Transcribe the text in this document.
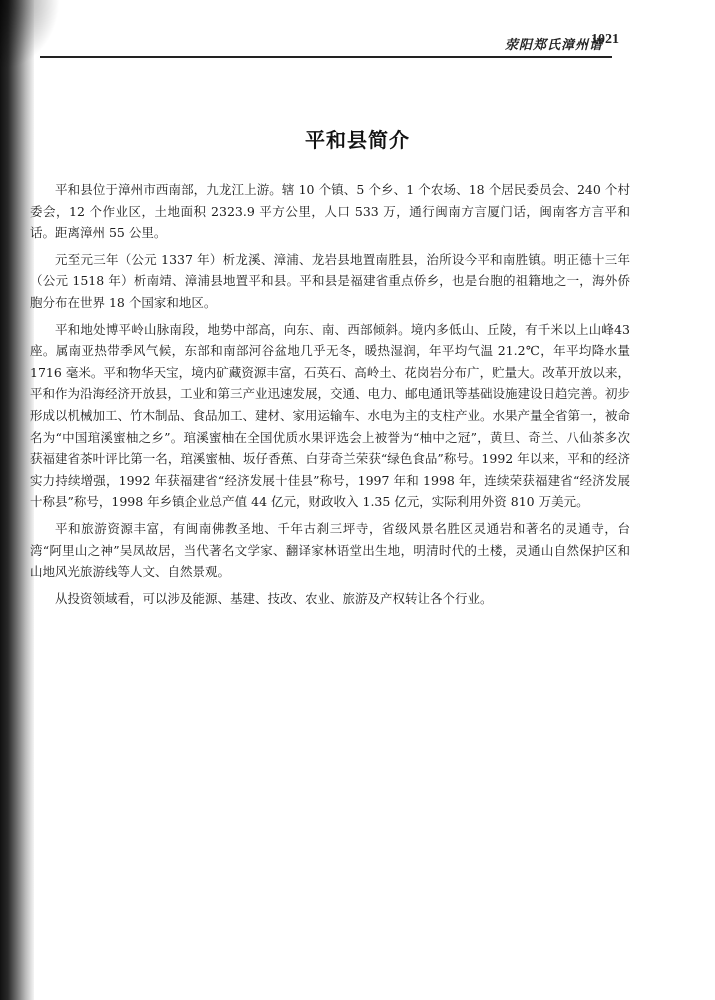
荥阳郑氏漳州谱
1021
平和县简介

平和县位于漳州市西南部，九龙江上游。辖 10 个镇、5 个乡、1 个农场、18 个居民委员会、240 个村委会，12 个作业区，土地面积 2323.9 平方公里，人口 533 万，通行闽南方言厦门话，闽南客方言平和话。距离漳州 55 公里。

元至元三年（公元 1337 年）析龙溪、漳浦、龙岩县地置南胜县，治所设今平和南胜镇。明正德十三年（公元 1518 年）析南靖、漳浦县地置平和县。平和县是福建省重点侨乡，也是台胞的祖籍地之一，海外侨胞分布在世界 18 个国家和地区。

平和地处博平岭山脉南段，地势中部高，向东、南、西部倾斜。境内多低山、丘陵，有千米以上山峰43座。属南亚热带季风气候，东部和南部河谷盆地几乎无冬，暖热湿润，年平均气温 21.2℃，年平均降水量 1716 毫米。平和物华天宝，境内矿藏资源丰富，石英石、高岭土、花岗岩分布广，贮量大。改革开放以来，平和作为沿海经济开放县，工业和第三产业迅速发展，交通、电力、邮电通讯等基础设施建设日趋完善。初步形成以机械加工、竹木制品、食品加工、建材、家用运输车、水电为主的支柱产业。水果产量全省第一，被命名为“中国琯溪蜜柚之乡”。琯溪蜜柚在全国优质水果评选会上被誉为“柚中之冠”，黄旦、奇兰、八仙茶多次获福建省茶叶评比第一名，琯溪蜜柚、坂仔香蕉、白芽奇兰荣获“绿色食品”称号。1992 年以来，平和的经济实力持续增强，1992 年获福建省“经济发展十佳县”称号，1997 年和 1998 年，连续荣获福建省“经济发展十称县”称号，1998 年乡镇企业总产值 44 亿元，财政收入 1.35 亿元，实际利用外资 810 万美元。

平和旅游资源丰富，有闽南佛教圣地、千年古刹三坪寺，省级风景名胜区灵通岩和著名的灵通寺，台湾“阿里山之神”吴凤故居，当代著名文学家、翻译家林语堂出生地，明清时代的土楼，灵通山自然保护区和山地风光旅游线等人文、自然景观。

从投资领域看，可以涉及能源、基建、技改、农业、旅游及产权转让各个行业。
